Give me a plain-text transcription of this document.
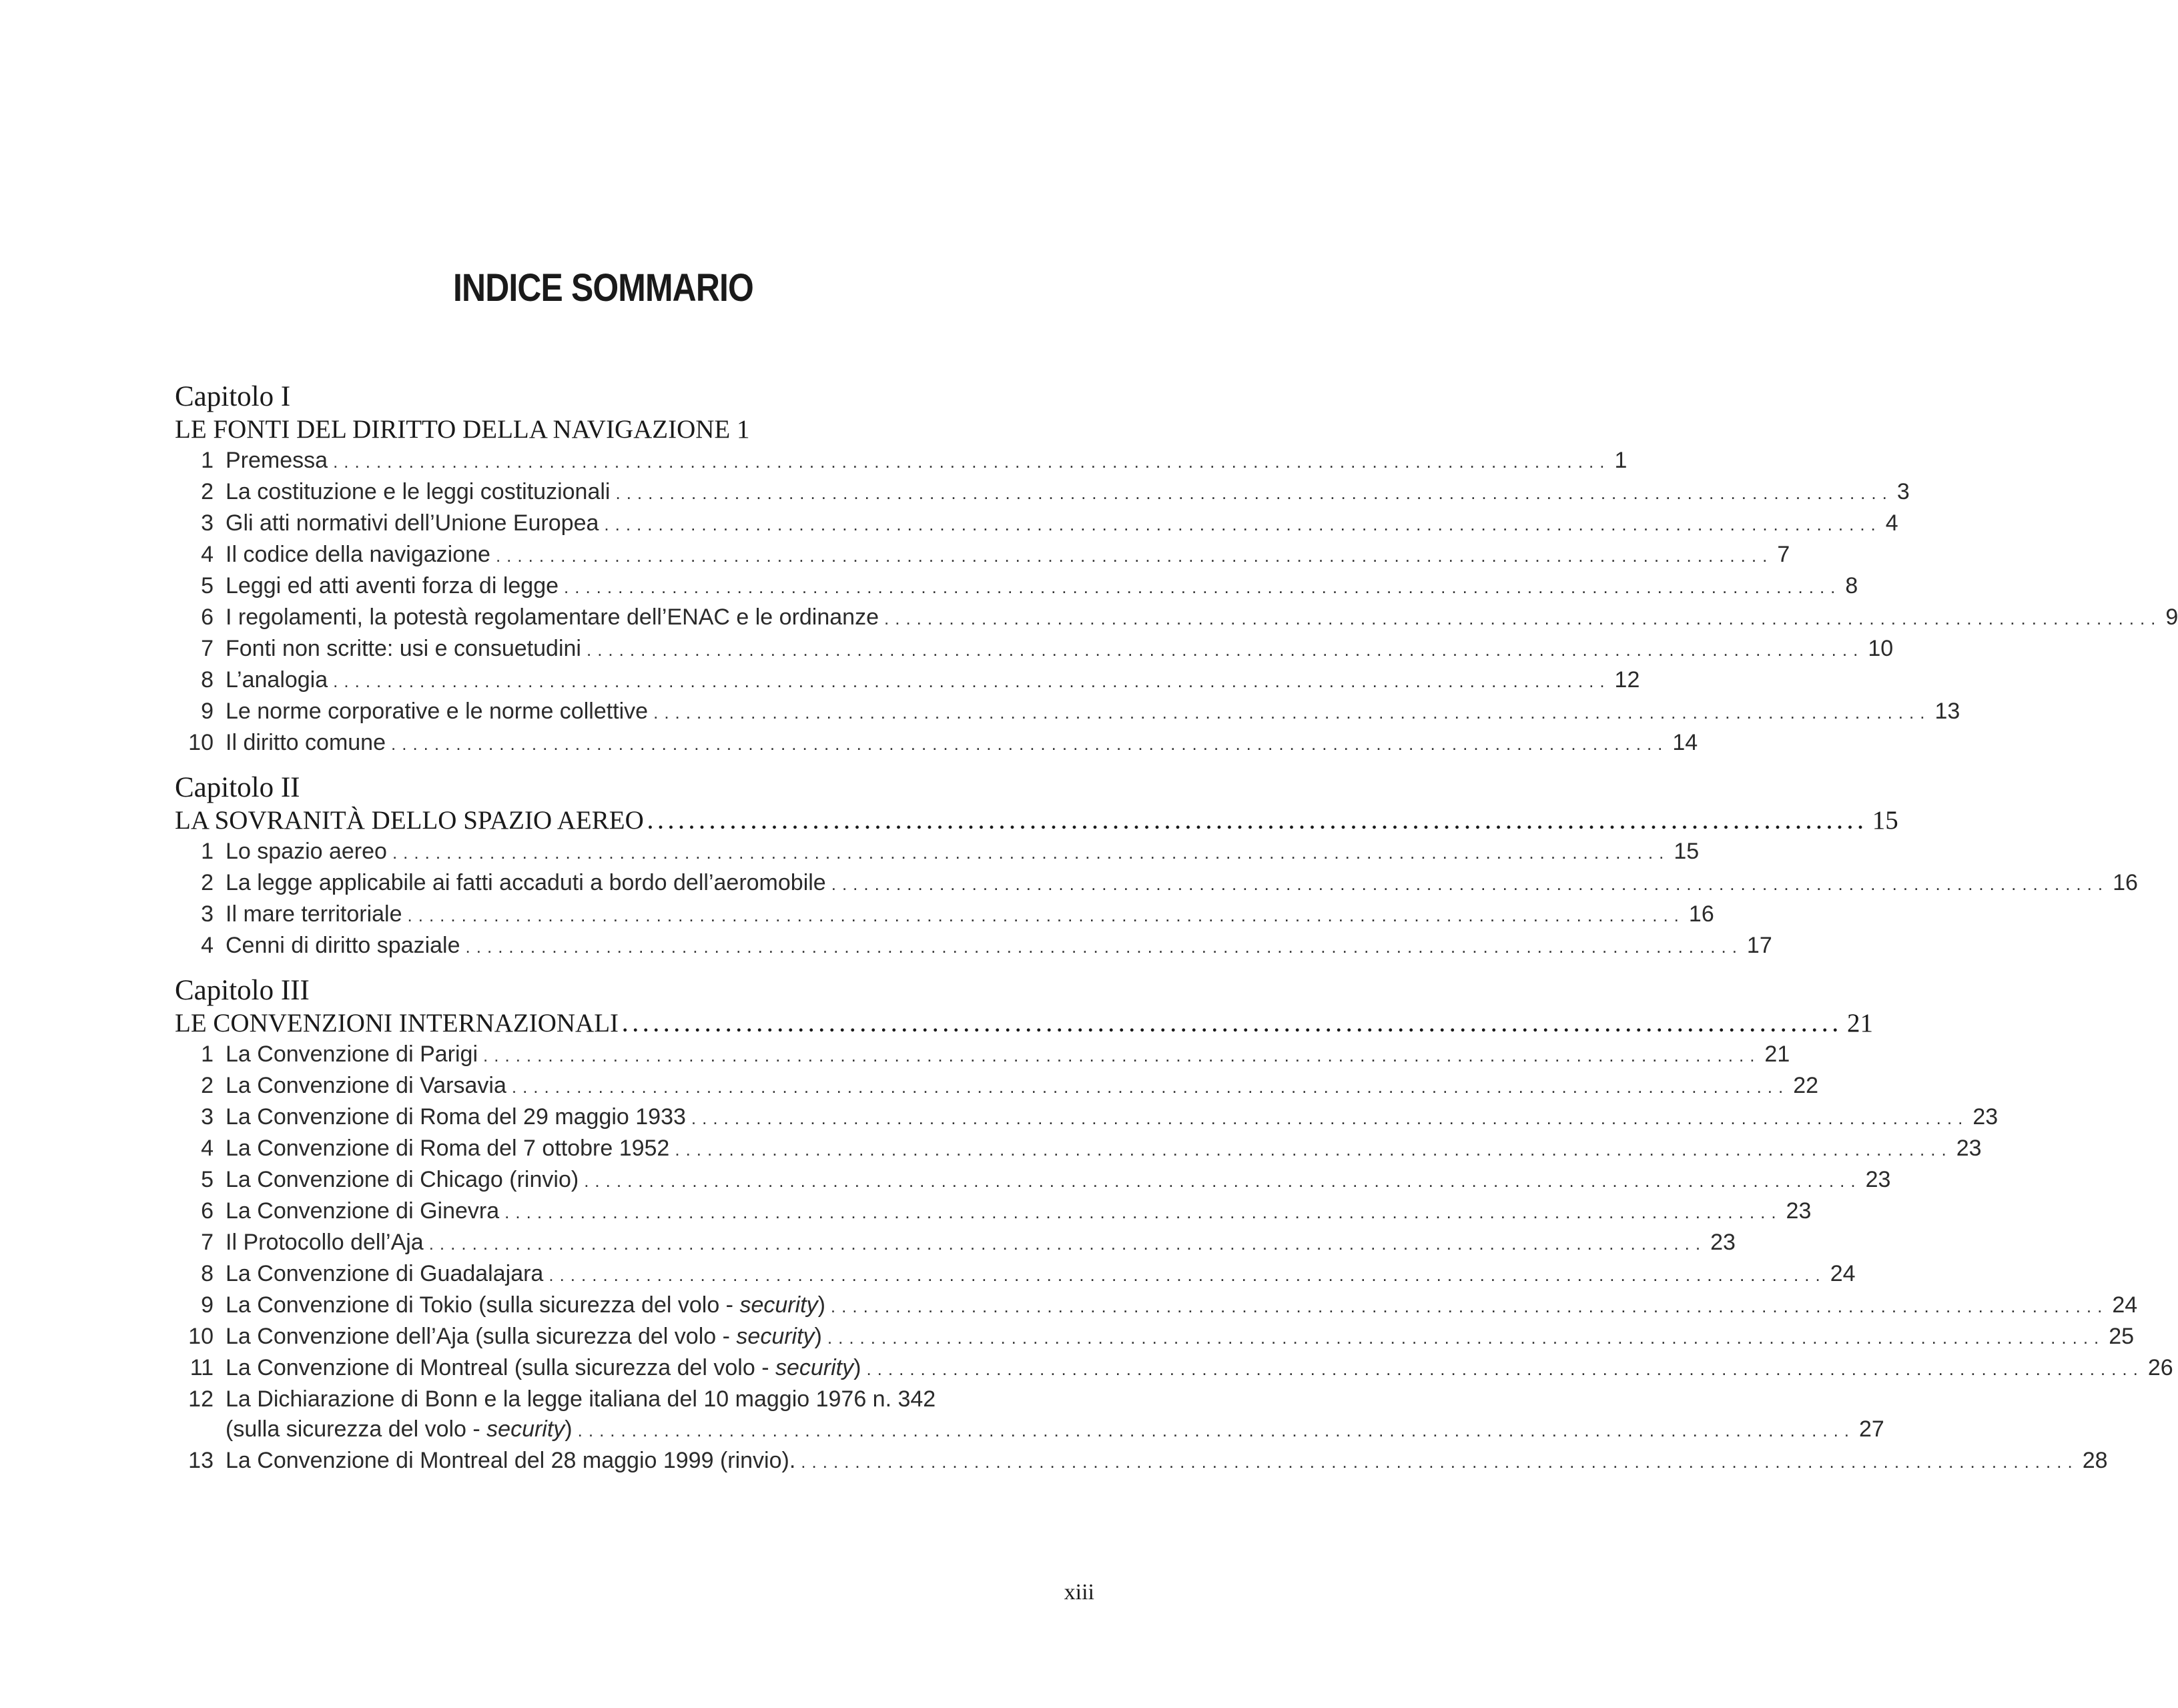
INDICE SOMMARIO
Capitolo I
LE FONTI DEL DIRITTO DELLA NAVIGAZIONE 1
1 Premessa ...................................................................................................................... 1
2 La costituzione e le leggi costituzionali ...................................................................................................................... 3
3 Gli atti normativi dell’Unione Europea ...................................................................................................................... 4
4 Il codice della navigazione ...................................................................................................................... 7
5 Leggi ed atti aventi forza di legge ...................................................................................................................... 8
6 I regolamenti, la potestà regolamentare dell’ENAC e le ordinanze ...................................................................................................................... 9
7 Fonti non scritte: usi e consuetudini ...................................................................................................................... 10
8 L’analogia ...................................................................................................................... 12
9 Le norme corporative e le norme collettive ...................................................................................................................... 13
10 Il diritto comune ...................................................................................................................... 14
Capitolo II
LA SOVRANITÀ DELLO SPAZIO AEREO ...................................................................................................................... 15
1 Lo spazio aereo ...................................................................................................................... 15
2 La legge applicabile ai fatti accaduti a bordo dell’aeromobile ...................................................................................................................... 16
3 Il mare territoriale ...................................................................................................................... 16
4 Cenni di diritto spaziale ...................................................................................................................... 17
Capitolo III
LE CONVENZIONI INTERNAZIONALI ...................................................................................................................... 21
1 La Convenzione di Parigi ...................................................................................................................... 21
2 La Convenzione di Varsavia ...................................................................................................................... 22
3 La Convenzione di Roma del 29 maggio 1933 ...................................................................................................................... 23
4 La Convenzione di Roma del 7 ottobre 1952 ...................................................................................................................... 23
5 La Convenzione di Chicago (rinvio) ...................................................................................................................... 23
6 La Convenzione di Ginevra ...................................................................................................................... 23
7 Il Protocollo dell’Aja ...................................................................................................................... 23
8 La Convenzione di Guadalajara ...................................................................................................................... 24
9 La Convenzione di Tokio (sulla sicurezza del volo - security) ...................................................................................................................... 24
10 La Convenzione dell’Aja (sulla sicurezza del volo - security) ...................................................................................................................... 25
11 La Convenzione di Montreal (sulla sicurezza del volo - security) ...................................................................................................................... 26
12 La Dichiarazione di Bonn e la legge italiana del 10 maggio 1976 n. 342
(sulla sicurezza del volo - security) ...................................................................................................................... 27
13 La Convenzione di Montreal del 28 maggio 1999 (rinvio). ...................................................................................................................... 28
xiii
